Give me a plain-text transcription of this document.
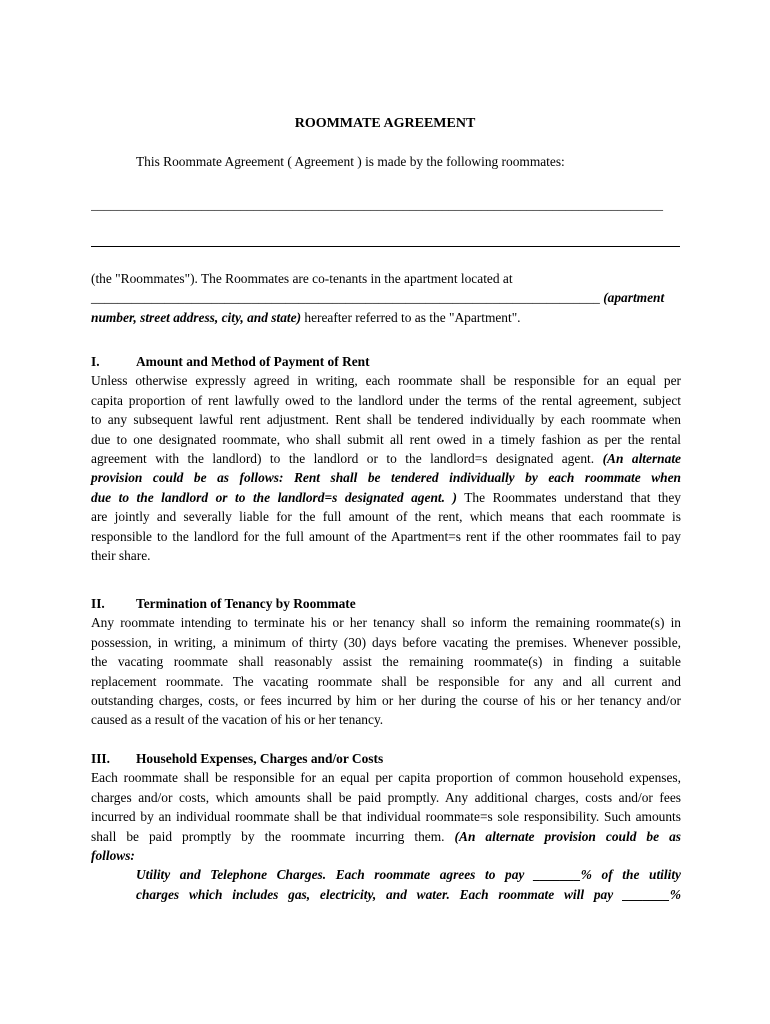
ROOMMATE AGREEMENT
This Roommate Agreement ( Agreement ) is made by the following roommates:
________________________________________________________________________________________
(the "Roommates"). The Roommates are co-tenants in the apartment located at
____________________________________________________________________________ (apartment
number, street address, city, and state) hereafter referred to as the "Apartment".
I.	Amount and Method of Payment of Rent
Unless otherwise expressly agreed in writing, each roommate shall be responsible for an equal per
capita proportion of rent lawfully owed to the landlord under the terms of the rental agreement, subject
to any subsequent lawful rent adjustment. Rent shall be tendered individually by each roommate when
due to one designated roommate, who shall submit all rent owed in a timely fashion as per the rental
agreement with the landlord) to the landlord or to the landlord=s designated agent. (An alternate
provision could be as follows: Rent shall be tendered individually by each roommate when
due to the landlord or to the landlord=s designated agent. ) The Roommates understand that they
are jointly and severally liable for the full amount of the rent, which means that each roommate is
responsible to the landlord for the full amount of the Apartment=s rent if the other roommates fail to pay
their share.
II. Termination of Tenancy by Roommate
Any roommate intending to terminate his or her tenancy shall so inform the remaining roommate(s) in
possession, in writing, a minimum of thirty (30) days before vacating the premises. Whenever possible,
the vacating roommate shall reasonably assist the remaining roommate(s) in finding a suitable
replacement roommate. The vacating roommate shall be responsible for any and all current and
outstanding charges, costs, or fees incurred by him or her during the course of his or her tenancy and/or
caused as a result of the vacation of his or her tenancy.
III. Household Expenses, Charges and/or Costs
Each roommate shall be responsible for an equal per capita proportion of common household expenses,
charges and/or costs, which amounts shall be paid promptly. Any additional charges, costs and/or fees
incurred by an individual roommate shall be that individual roommate=s sole responsibility. Such amounts
shall be paid promptly by the roommate incurring them. (An alternate provision could be as
follows:
Utility and Telephone Charges. Each roommate agrees to pay _______% of the utility
charges which includes gas, electricity, and water. Each roommate will pay _______%
